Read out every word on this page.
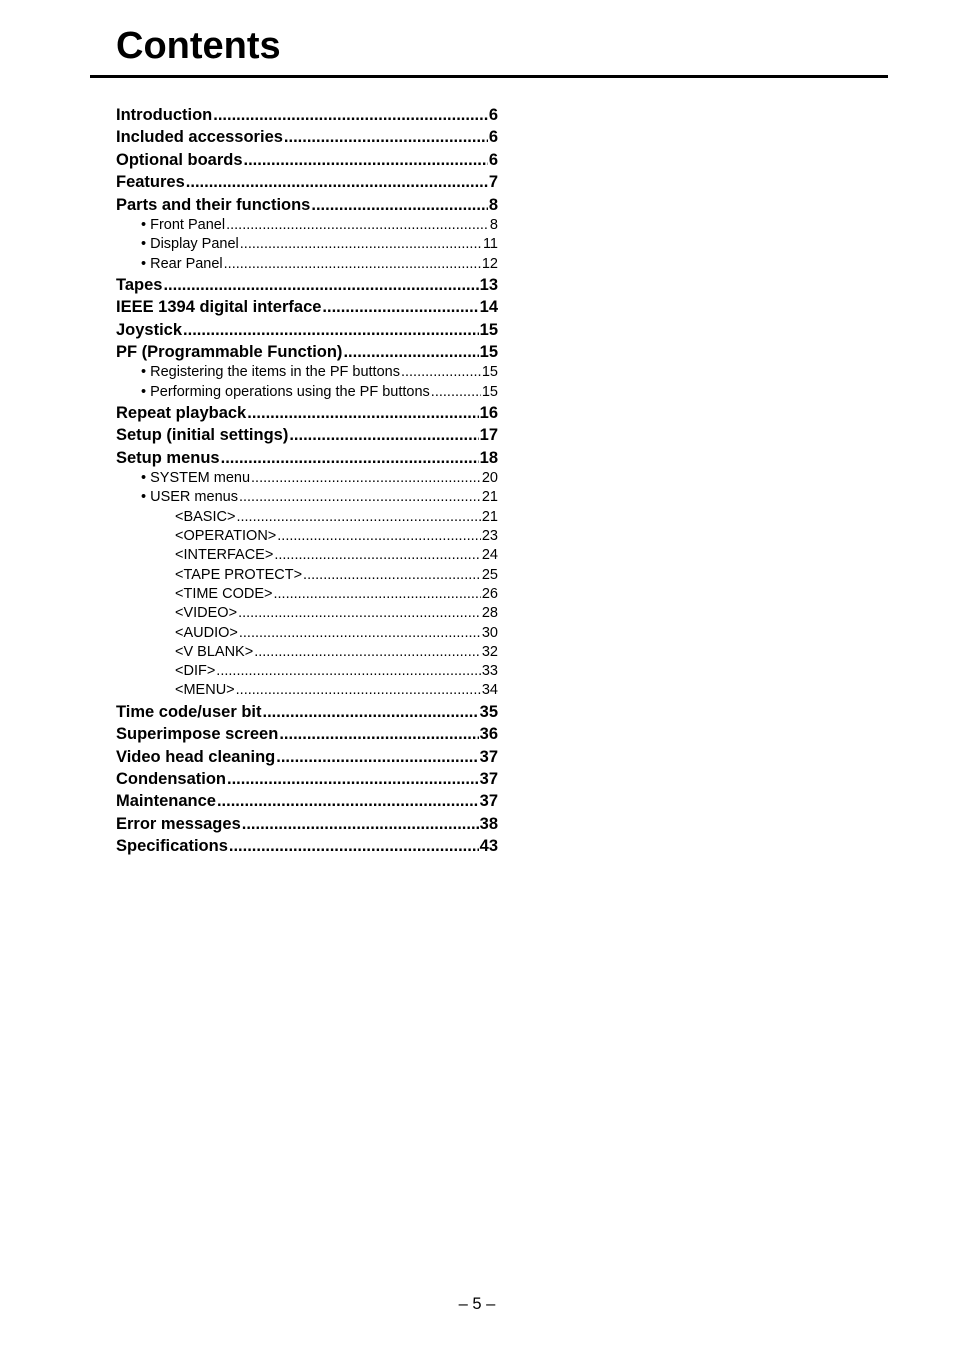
Contents
Introduction .....	6
Included accessories .....	6
Optional boards .....	6
Features .....	7
Parts and their functions .....	8
• Front Panel .....	8
• Display Panel .....	11
• Rear Panel .....	12
Tapes .....	13
IEEE 1394 digital interface .....	14
Joystick .....	15
PF (Programmable Function) .....	15
• Registering the items in the PF buttons .....	15
• Performing operations using the PF buttons .....	15
Repeat playback .....	16
Setup (initial settings) .....	17
Setup menus .....	18
• SYSTEM menu .....	20
• USER menus .....	21
<BASIC> .....	21
<OPERATION> .....	23
<INTERFACE> .....	24
<TAPE PROTECT> .....	25
<TIME CODE> .....	26
<VIDEO> .....	28
<AUDIO> .....	30
<V BLANK> .....	32
<DIF> .....	33
<MENU> .....	34
Time code/user bit .....	35
Superimpose screen .....	36
Video head cleaning .....	37
Condensation .....	37
Maintenance .....	37
Error messages .....	38
Specifications .....	43
– 5 –
